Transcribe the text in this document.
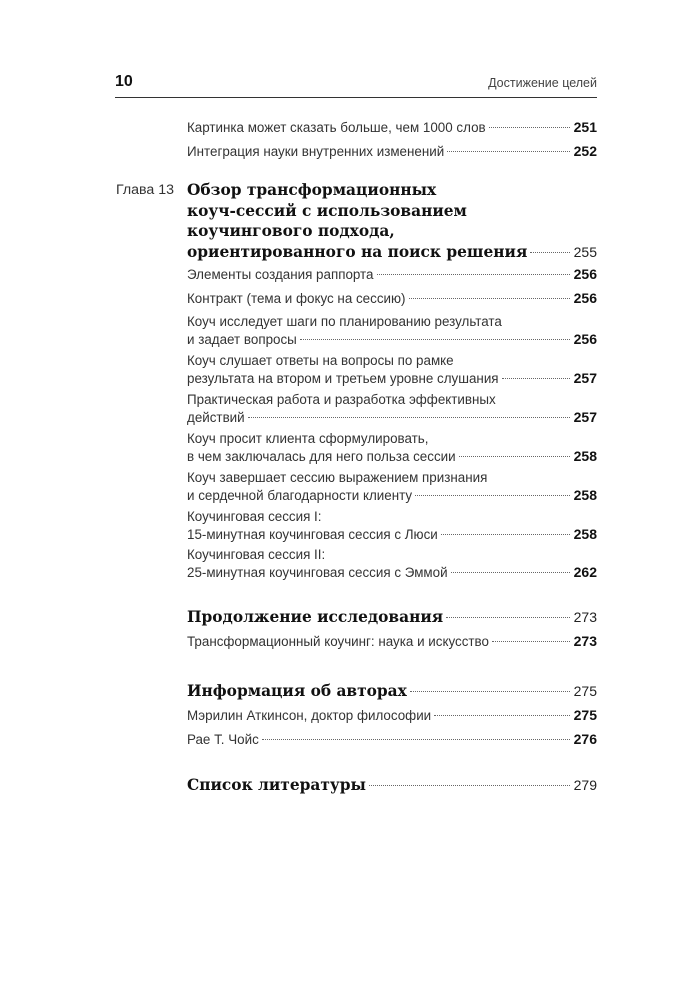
10	Достижение целей
Картинка может сказать больше, чем 1000 слов	251
Интеграция науки внутренних изменений	252
Глава 13 Обзор трансформационных
коуч-сессий с использованием
коучингового подхода,
ориентированного на поиск решения	255
Элементы создания раппорта	256
Контракт (тема и фокус на сессию)	256
Коуч исследует шаги по планированию результата
и задает вопросы	256
Коуч слушает ответы на вопросы по рамке
результата на втором и третьем уровне слушания	257
Практическая работа и разработка эффективных
действий	257
Коуч просит клиента сформулировать,
в чем заключалась для него польза сессии	258
Коуч завершает сессию выражением признания
и сердечной благодарности клиенту	258
Коучинговая сессия I:
15-минутная коучинговая сессия с Люси	258
Коучинговая сессия II:
25-минутная коучинговая сессия с Эммой	262
Продолжение исследования	273
Трансформационный коучинг: наука и искусство	273
Информация об авторах	275
Мэрилин Аткинсон, доктор философии	275
Рае Т. Чойс	276
Список литературы	279
